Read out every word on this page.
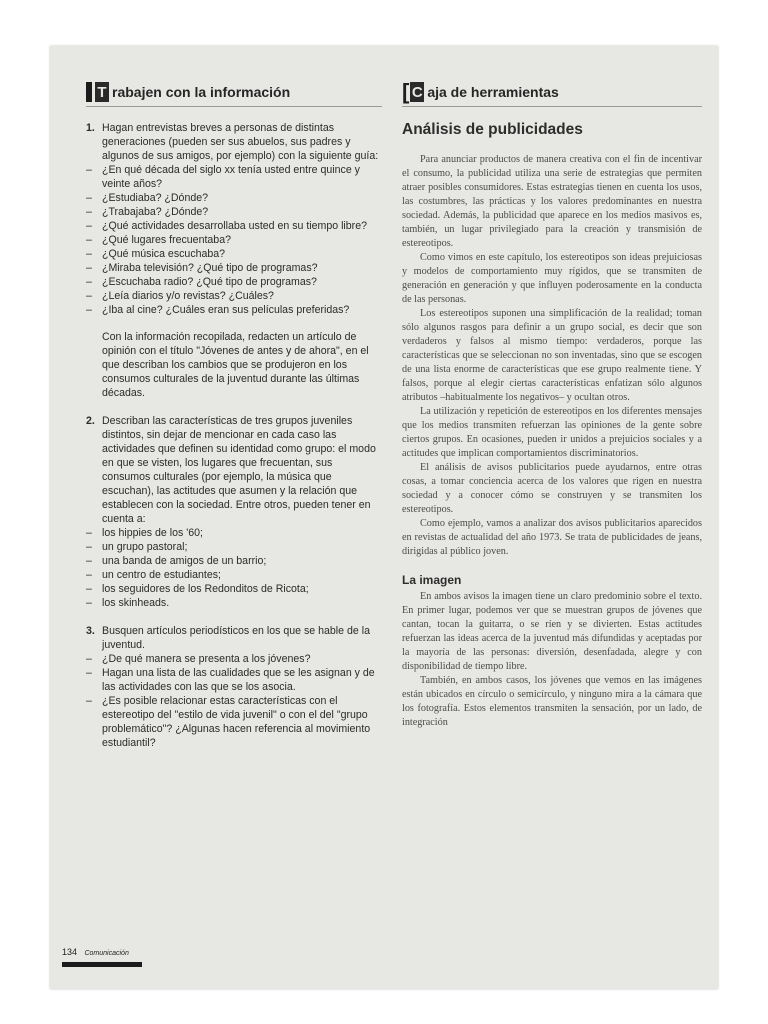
T rabajen con la información
1. Hagan entrevistas breves a personas de distintas generaciones (pueden ser sus abuelos, sus padres y algunos de sus amigos, por ejemplo) con la siguiente guía:
– ¿En qué década del siglo xx tenía usted entre quince y veinte años?
– ¿Estudiaba? ¿Dónde?
– ¿Trabajaba? ¿Dónde?
– ¿Qué actividades desarrollaba usted en su tiempo libre?
– ¿Qué lugares frecuentaba?
– ¿Qué música escuchaba?
– ¿Miraba televisión? ¿Qué tipo de programas?
– ¿Escuchaba radio? ¿Qué tipo de programas?
– ¿Leía diarios y/o revistas? ¿Cuáles?
– ¿Iba al cine? ¿Cuáles eran sus películas preferidas?
Con la información recopilada, redacten un artículo de opinión con el título "Jóvenes de antes y de ahora", en el que describan los cambios que se produjeron en los consumos culturales de la juventud durante las últimas décadas.
2. Describan las características de tres grupos juveniles distintos, sin dejar de mencionar en cada caso las actividades que definen su identidad como grupo: el modo en que se visten, los lugares que frecuentan, sus consumos culturales (por ejemplo, la música que escuchan), las actitudes que asumen y la relación que establecen con la sociedad. Entre otros, pueden tener en cuenta a:
– los hippies de los '60;
– un grupo pastoral;
– una banda de amigos de un barrio;
– un centro de estudiantes;
– los seguidores de los Redonditos de Ricota;
– los skinheads.
3. Busquen artículos periodísticos en los que se hable de la juventud.
– ¿De qué manera se presenta a los jóvenes?
– Hagan una lista de las cualidades que se les asignan y de las actividades con las que se los asocia.
– ¿Es posible relacionar estas características con el estereotipo del "estilo de vida juvenil" o con el del "grupo problemático"? ¿Algunas hacen referencia al movimiento estudiantil?
[ C aja de herramientas
Análisis de publicidades

Para anunciar productos de manera creativa con el fin de incentivar el consumo, la publicidad utiliza una serie de estrategias que permiten atraer posibles consumidores. Estas estrategias tienen en cuenta los usos, las costumbres, las prácticas y los valores predominantes en nuestra sociedad. Además, la publicidad que aparece en los medios masivos es, también, un lugar privilegiado para la creación y transmisión de estereotipos.

Como vimos en este capítulo, los estereotipos son ideas prejuiciosas y modelos de comportamiento muy rígidos, que se transmiten de generación en generación y que influyen poderosamente en la conducta de las personas.

Los estereotipos suponen una simplificación de la realidad; toman sólo algunos rasgos para definir a un grupo social, es decir que son verdaderos y falsos al mismo tiempo: verdaderos, porque las características que se seleccionan no son inventadas, sino que se escogen de una lista enorme de características que ese grupo realmente tiene. Y falsos, porque al elegir ciertas características enfatizan sólo algunos atributos –habitualmente los negativos– y ocultan otros.

La utilización y repetición de estereotipos en los diferentes mensajes que los medios transmiten refuerzan las opiniones de la gente sobre ciertos grupos. En ocasiones, pueden ir unidos a prejuicios sociales y a actitudes que implican comportamientos discriminatorios.

El análisis de avisos publicitarios puede ayudarnos, entre otras cosas, a tomar conciencia acerca de los valores que rigen en nuestra sociedad y a conocer cómo se construyen y se transmiten los estereotipos.

Como ejemplo, vamos a analizar dos avisos publicitarios aparecidos en revistas de actualidad del año 1973. Se trata de publicidades de jeans, dirigidas al público joven.

La imagen

En ambos avisos la imagen tiene un claro predominio sobre el texto. En primer lugar, podemos ver que se muestran grupos de jóvenes que cantan, tocan la guitarra, o se ríen y se divierten. Estas actitudes refuerzan las ideas acerca de la juventud más difundidas y aceptadas por la mayoría de las personas: diversión, desenfadada, alegre y con disponibilidad de tiempo libre.

También, en ambos casos, los jóvenes que vemos en las imágenes están ubicados en círculo o semicírculo, y ninguno mira a la cámara que los fotografía. Estos elementos transmiten la sensación, por un lado, de integración

134 Comunicación
